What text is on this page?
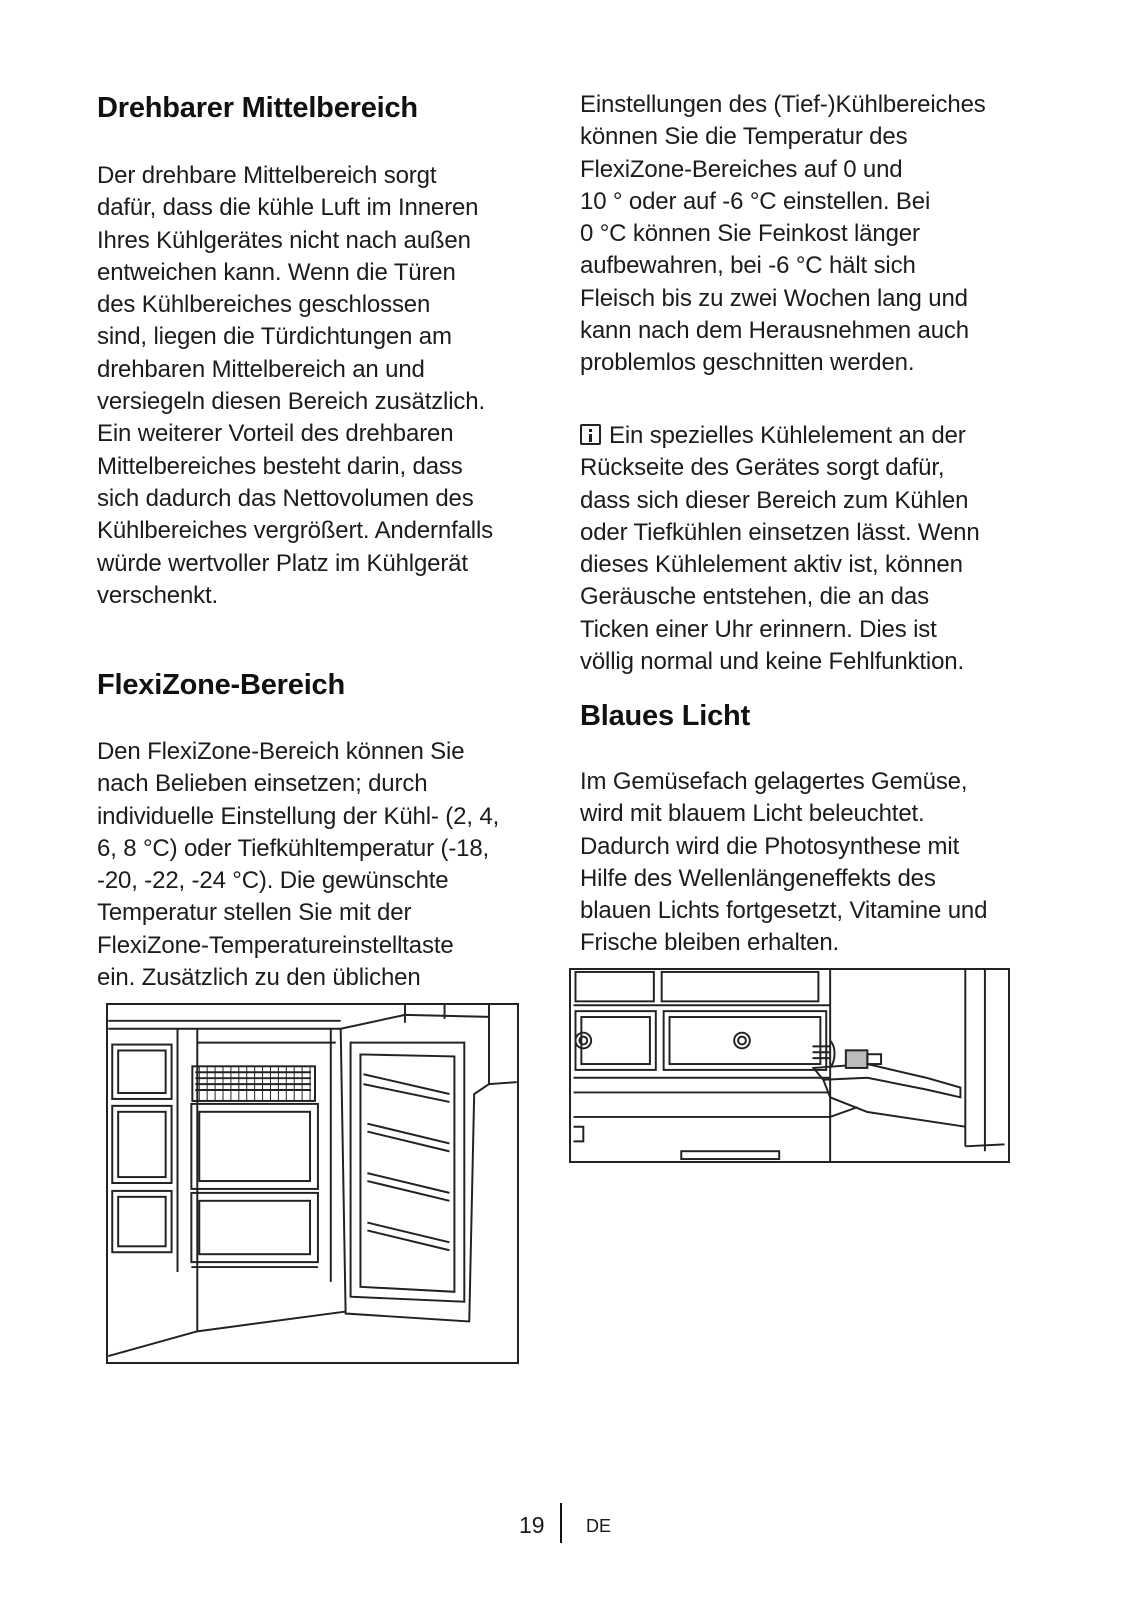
Drehbarer Mittelbereich

Der drehbare Mittelbereich sorgt
dafür, dass die kühle Luft im Inneren
Ihres Kühlgerätes nicht nach außen
entweichen kann. Wenn die Türen
des Kühlbereiches geschlossen
sind, liegen die Türdichtungen am
drehbaren Mittelbereich an und
versiegeln diesen Bereich zusätzlich.
Ein weiterer Vorteil des drehbaren
Mittelbereiches besteht darin, dass
sich dadurch das Nettovolumen des
Kühlbereiches vergrößert. Andernfalls
würde wertvoller Platz im Kühlgerät
verschenkt.

FlexiZone-Bereich

Den FlexiZone-Bereich können Sie
nach Belieben einsetzen; durch
individuelle Einstellung der Kühl- (2, 4,
6, 8 °C) oder Tiefkühltemperatur (-18,
-20, -22, -24 °C). Die gewünschte
Temperatur stellen Sie mit der
FlexiZone-Temperatureinstelltaste
ein. Zusätzlich zu den üblichen

Einstellungen des (Tief-)Kühlbereiches
können Sie die Temperatur des
FlexiZone-Bereiches auf 0 und
10 ° oder auf -6 °C einstellen. Bei
0 °C können Sie Feinkost länger
aufbewahren, bei -6 °C hält sich
Fleisch bis zu zwei Wochen lang und
kann nach dem Herausnehmen auch
problemlos geschnitten werden.

Ein spezielles Kühlelement an der
Rückseite des Gerätes sorgt dafür,
dass sich dieser Bereich zum Kühlen
oder Tiefkühlen einsetzen lässt. Wenn
dieses Kühlelement aktiv ist, können
Geräusche entstehen, die an das
Ticken einer Uhr erinnern. Dies ist
völlig normal und keine Fehlfunktion.

Blaues Licht

Im Gemüsefach gelagertes Gemüse,
wird mit blauem Licht beleuchtet.
Dadurch wird die Photosynthese mit
Hilfe des Wellenlängeneffekts des
blauen Lichts fortgesetzt, Vitamine und
Frische bleiben erhalten.

19 DE
